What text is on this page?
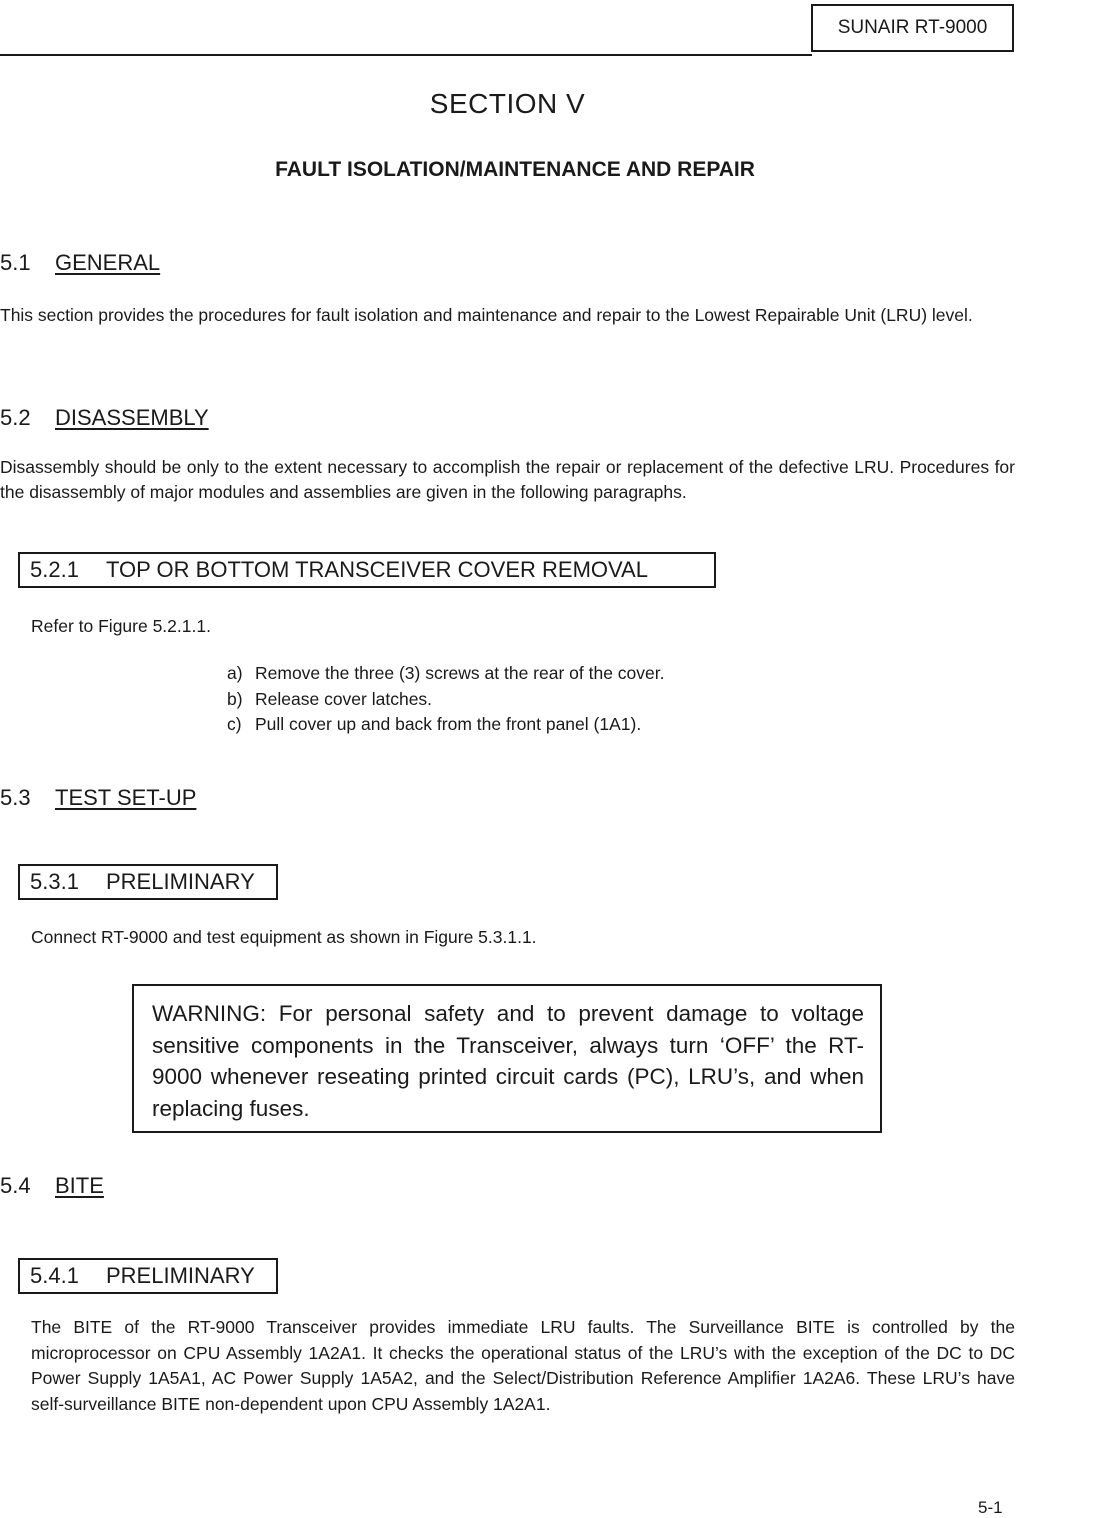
SUNAIR RT-9000
SECTION V
FAULT ISOLATION/MAINTENANCE AND REPAIR
5.1 GENERAL
This section provides the procedures for fault isolation and maintenance and repair to the Lowest Repairable Unit (LRU) level.
5.2 DISASSEMBLY
Disassembly should be only to the extent necessary to accomplish the repair or replacement of the defective LRU. Procedures for the disassembly of major modules and assemblies are given in the following paragraphs.
5.2.1	TOP OR BOTTOM TRANSCEIVER COVER REMOVAL
Refer to Figure 5.2.1.1.
a) Remove the three (3) screws at the rear of the cover.
b) Release cover latches.
c) Pull cover up and back from the front panel (1A1).
5.3 TEST SET-UP
5.3.1	PRELIMINARY
Connect RT-9000 and test equipment as shown in Figure 5.3.1.1.
WARNING: For personal safety and to prevent damage to voltage sensitive components in the Transceiver, always turn ‘OFF’ the RT-9000 whenever reseating printed circuit cards (PC), LRU’s, and when replacing fuses.
5.4 BITE
5.4.1	PRELIMINARY
The BITE of the RT-9000 Transceiver provides immediate LRU faults. The Surveillance BITE is controlled by the microprocessor on CPU Assembly 1A2A1. It checks the operational status of the LRU’s with the exception of the DC to DC Power Supply 1A5A1, AC Power Supply 1A5A2, and the Select/Distribution Reference Amplifier 1A2A6. These LRU’s have self-surveillance BITE non-dependent upon CPU Assembly 1A2A1.
5-1
